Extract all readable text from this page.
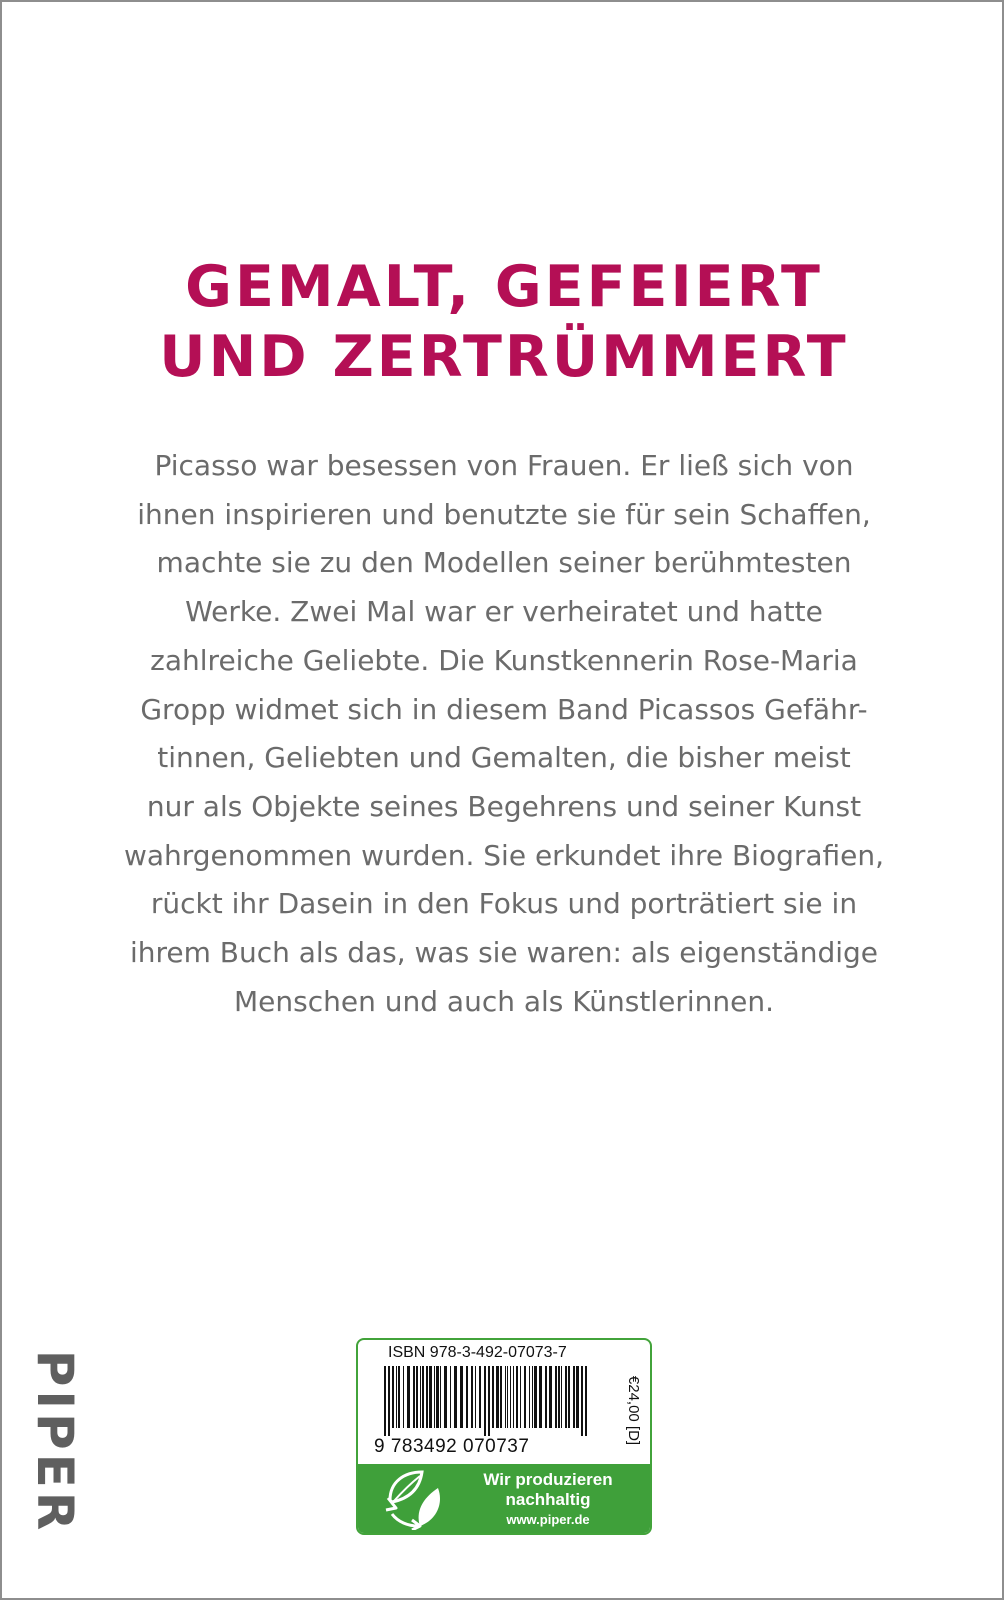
GEMALT, GEFEIERT
UND ZERTRÜMMERT
Picasso war besessen von Frauen. Er ließ sich von
ihnen inspirieren und benutzte sie für sein Schaffen,
machte sie zu den Modellen seiner berühmtesten
Werke. Zwei Mal war er verheiratet und hatte
zahlreiche Geliebte. Die Kunstkennerin Rose-Maria
Gropp widmet sich in diesem Band Picassos Gefähr-
tinnen, Geliebten und Gemalten, die bisher meist
nur als Objekte seines Begehrens und seiner Kunst
wahrgenommen wurden. Sie erkundet ihre Biografien,
rückt ihr Dasein in den Fokus und porträtiert sie in
ihrem Buch als das, was sie waren: als eigenständige
Menschen und auch als Künstlerinnen.
PIPER	ISBN 978-3-492-07073-7
9 783492 070737
€24,00 [D]
Wir produzieren
nachhaltig
www.piper.de
